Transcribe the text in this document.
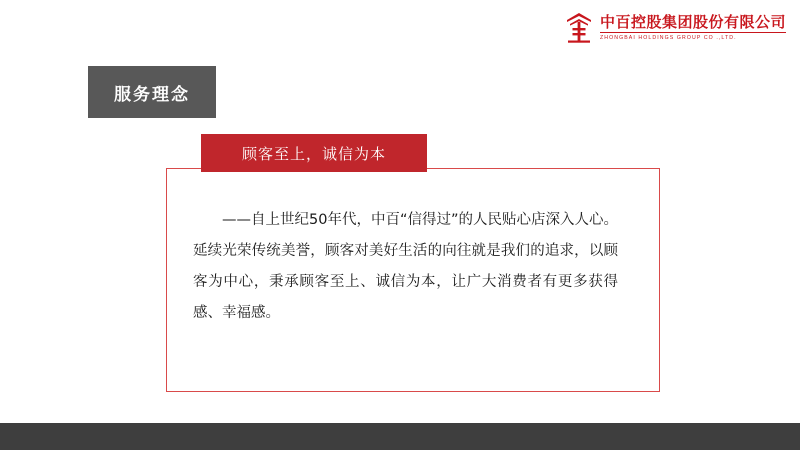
中百控股集团股份有限公司
ZHONGBAI HOLDINGS GROUP CO .,LTD.
服务理念
顾客至上，诚信为本
——自上世纪50年代，中百“信得过”的人民贴心店深入人心。延续光荣传统美誉，顾客对美好生活的向往就是我们的追求，以顾客为中心，秉承顾客至上、诚信为本，让广大消费者有更多获得感、幸福感。
